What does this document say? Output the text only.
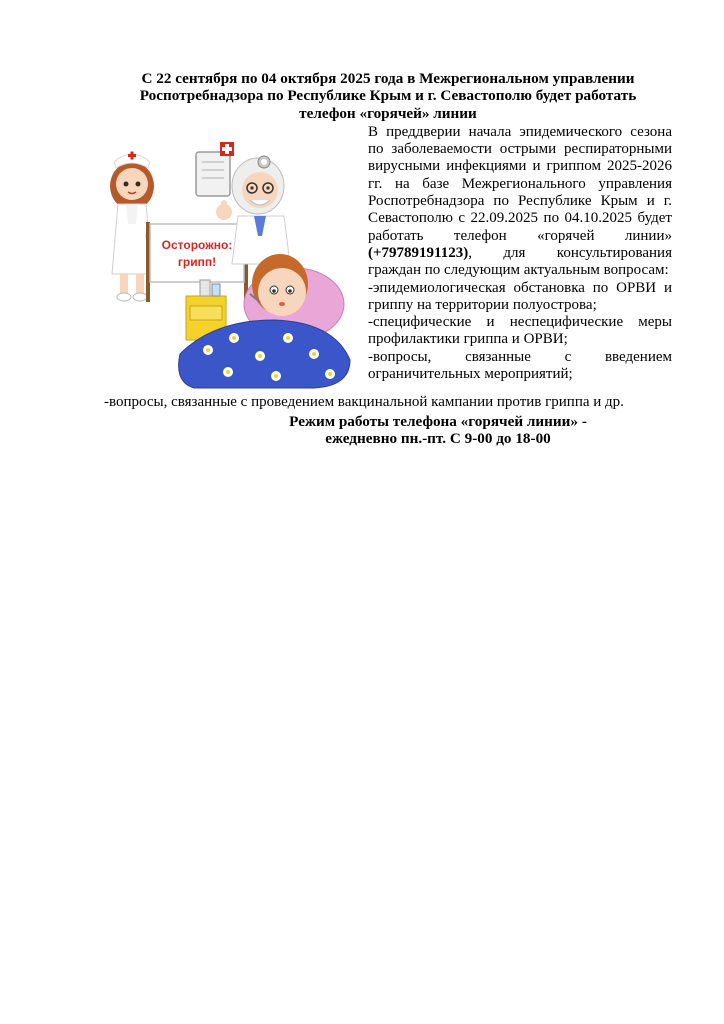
С 22 сентября по 04 октября 2025 года в Межрегиональном управлении
Роспотребнадзора по Республике Крым и г. Севастополю будет работать
телефон «горячей» линии
Осторожно:
грипп!

В преддверии начала эпидемического сезона по заболеваемости острыми респираторными вирусными инфекциями и гриппом 2025-2026 гг. на базе Межрегионального управления Роспотребнадзора по Республике Крым и г. Севастополю с 22.09.2025 по 04.10.2025 будет работать телефон «горячей линии» (+79789191123), для консультирования граждан по следующим актуальным вопросам:

-эпидемиологическая обстановка по ОРВИ и гриппу на территории полуострова;

-специфические и неспецифические меры профилактики гриппа и ОРВИ;

-вопросы, связанные с введением ограничительных мероприятий;

-вопросы, связанные с проведением вакцинальной кампании против гриппа и др.

Режим работы телефона «горячей линии» -
ежедневно пн.-пт. С 9-00 до 18-00
